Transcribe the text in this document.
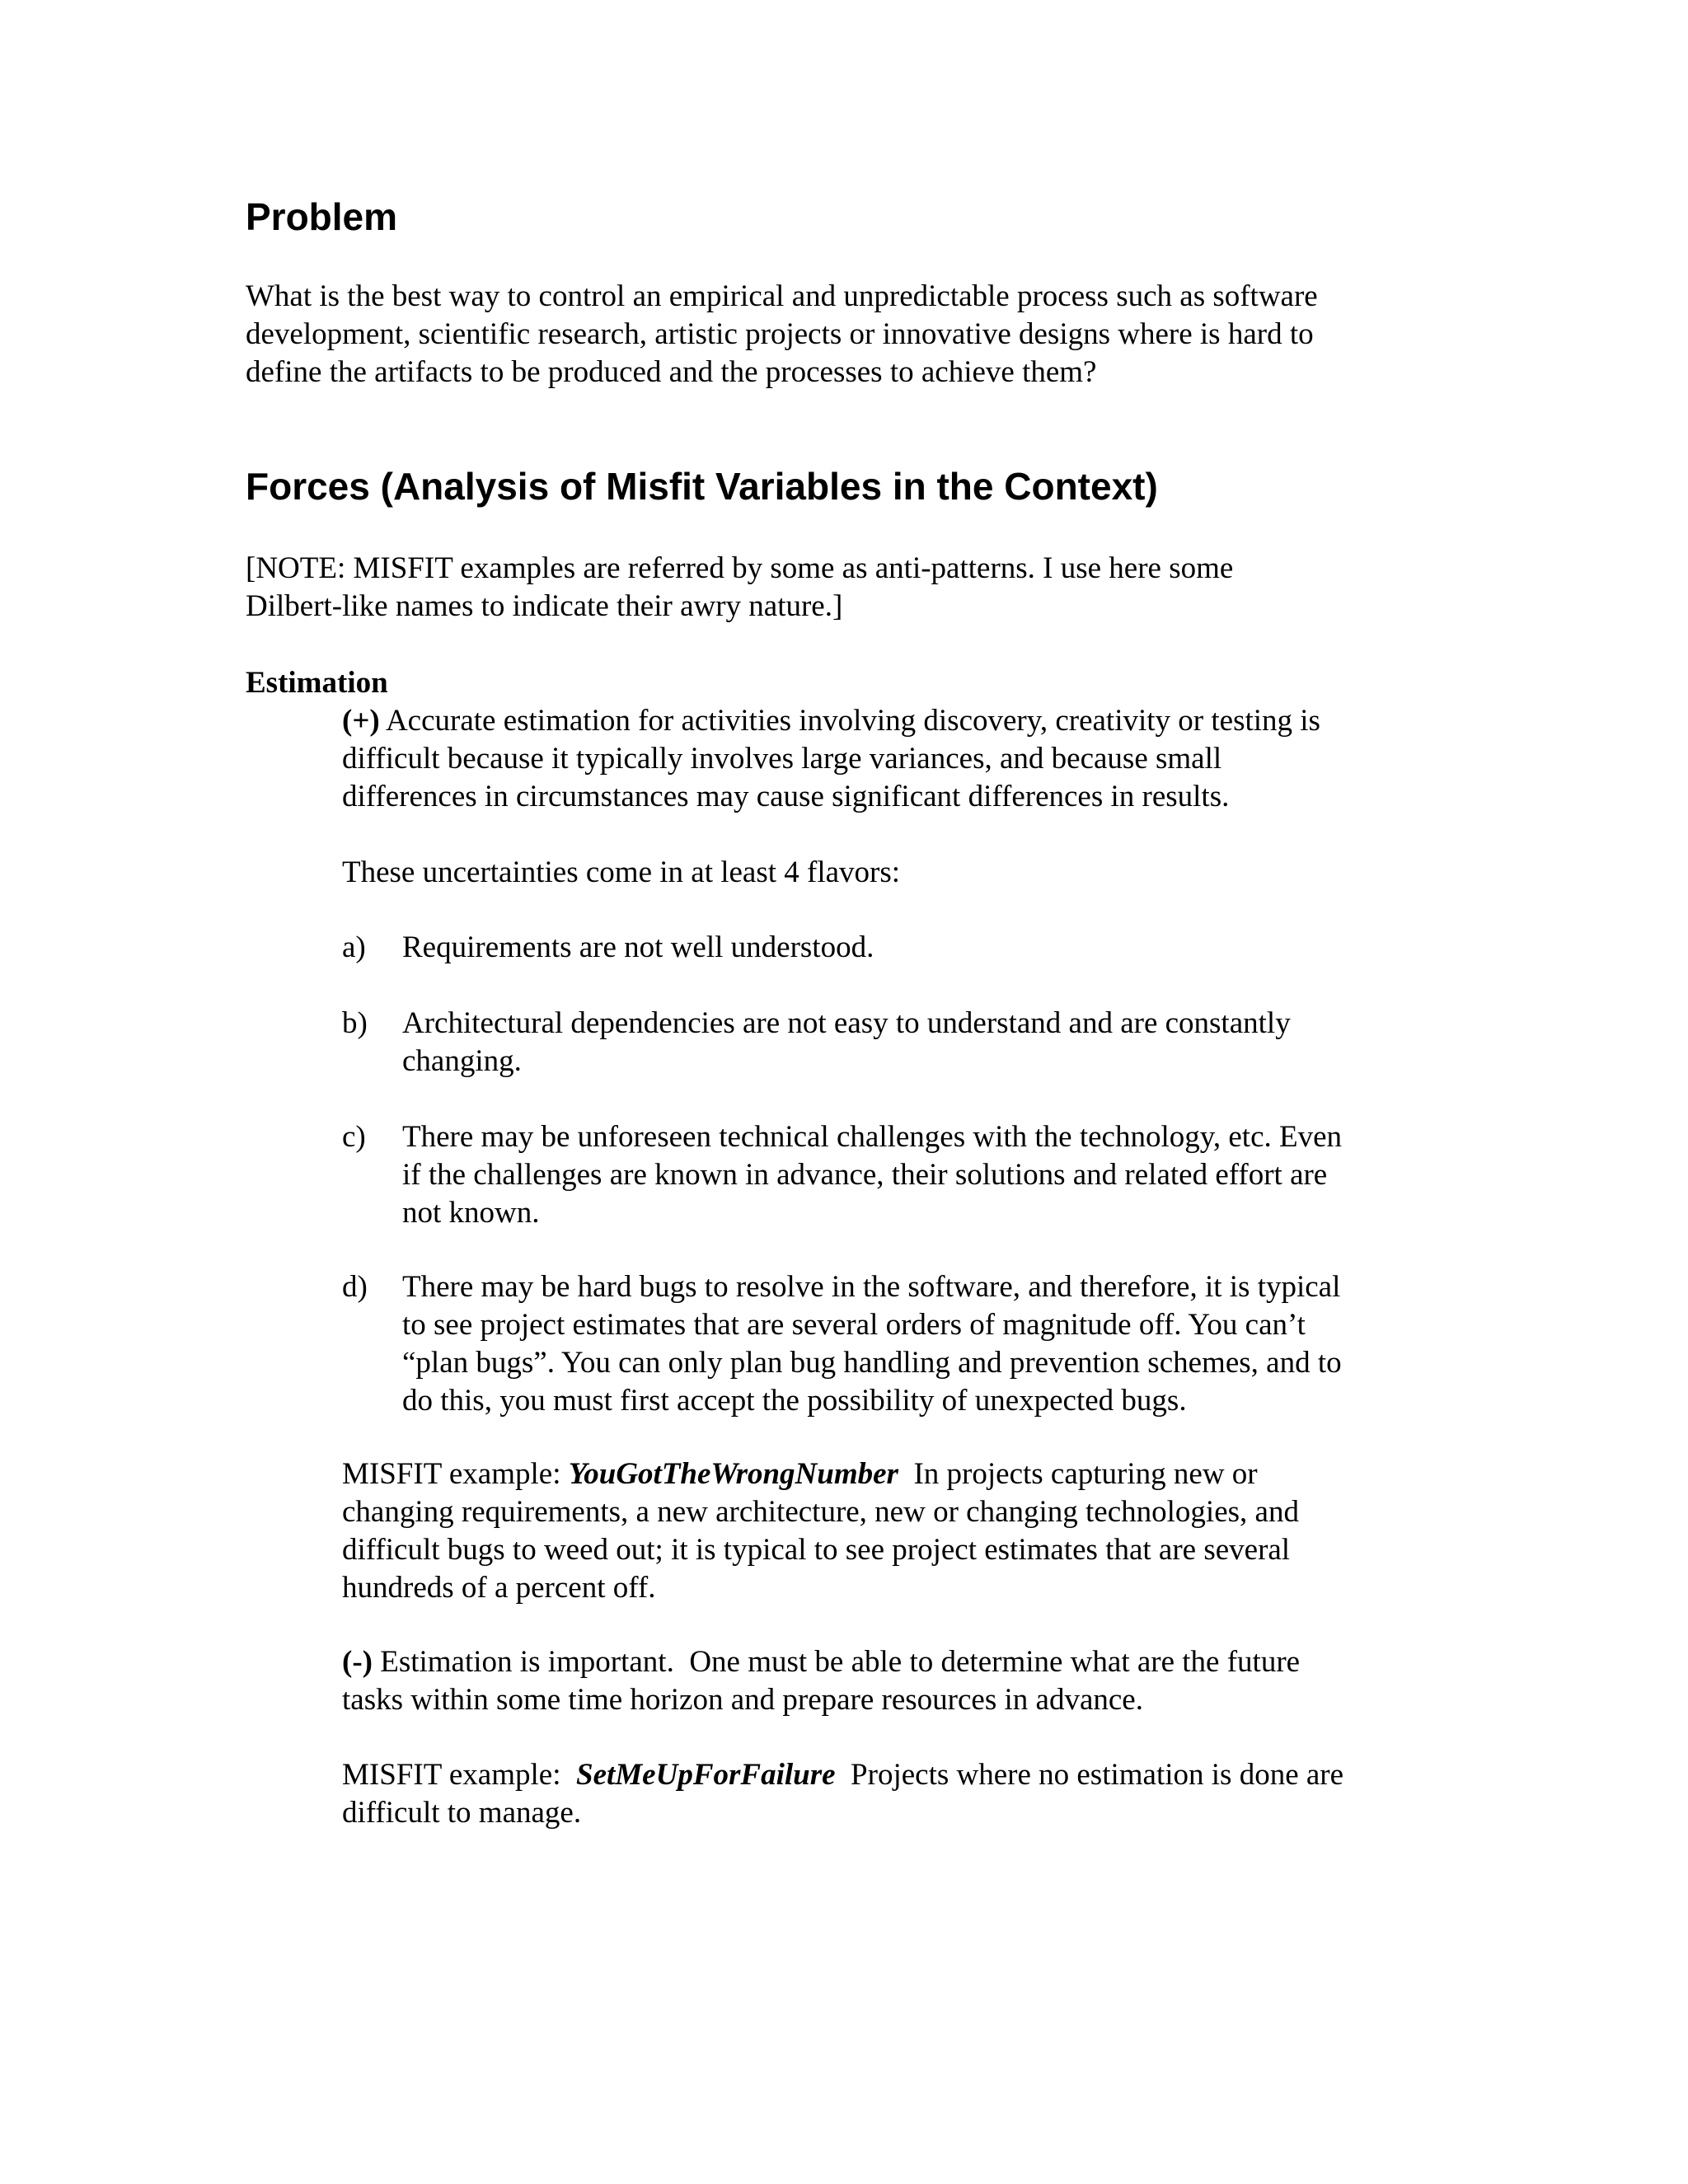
Problem

What is the best way to control an empirical and unpredictable process such as software
development, scientific research, artistic projects or innovative designs where is hard to
define the artifacts to be produced and the processes to achieve them?

Forces (Analysis of Misfit Variables in the Context)

[NOTE: MISFIT examples are referred by some as anti-patterns. I use here some
Dilbert-like names to indicate their awry nature.]

Estimation

(+) Accurate estimation for activities involving discovery, creativity or testing is
difficult because it typically involves large variances, and because small
differences in circumstances may cause significant differences in results.

These uncertainties come in at least 4 flavors:

a) Requirements are not well understood.
b) Architectural dependencies are not easy to understand and are constantly
changing.
c) There may be unforeseen technical challenges with the technology, etc. Even
if the challenges are known in advance, their solutions and related effort are
not known.
d) There may be hard bugs to resolve in the software, and therefore, it is typical
to see project estimates that are several orders of magnitude off. You can’t
“plan bugs”. You can only plan bug handling and prevention schemes, and to
do this, you must first accept the possibility of unexpected bugs.

MISFIT example: YouGotTheWrongNumber  In projects capturing new or
changing requirements, a new architecture, new or changing technologies, and
difficult bugs to weed out; it is typical to see project estimates that are several
hundreds of a percent off.

(-) Estimation is important.  One must be able to determine what are the future
tasks within some time horizon and prepare resources in advance.

MISFIT example:  SetMeUpForFailure  Projects where no estimation is done are
difficult to manage.
